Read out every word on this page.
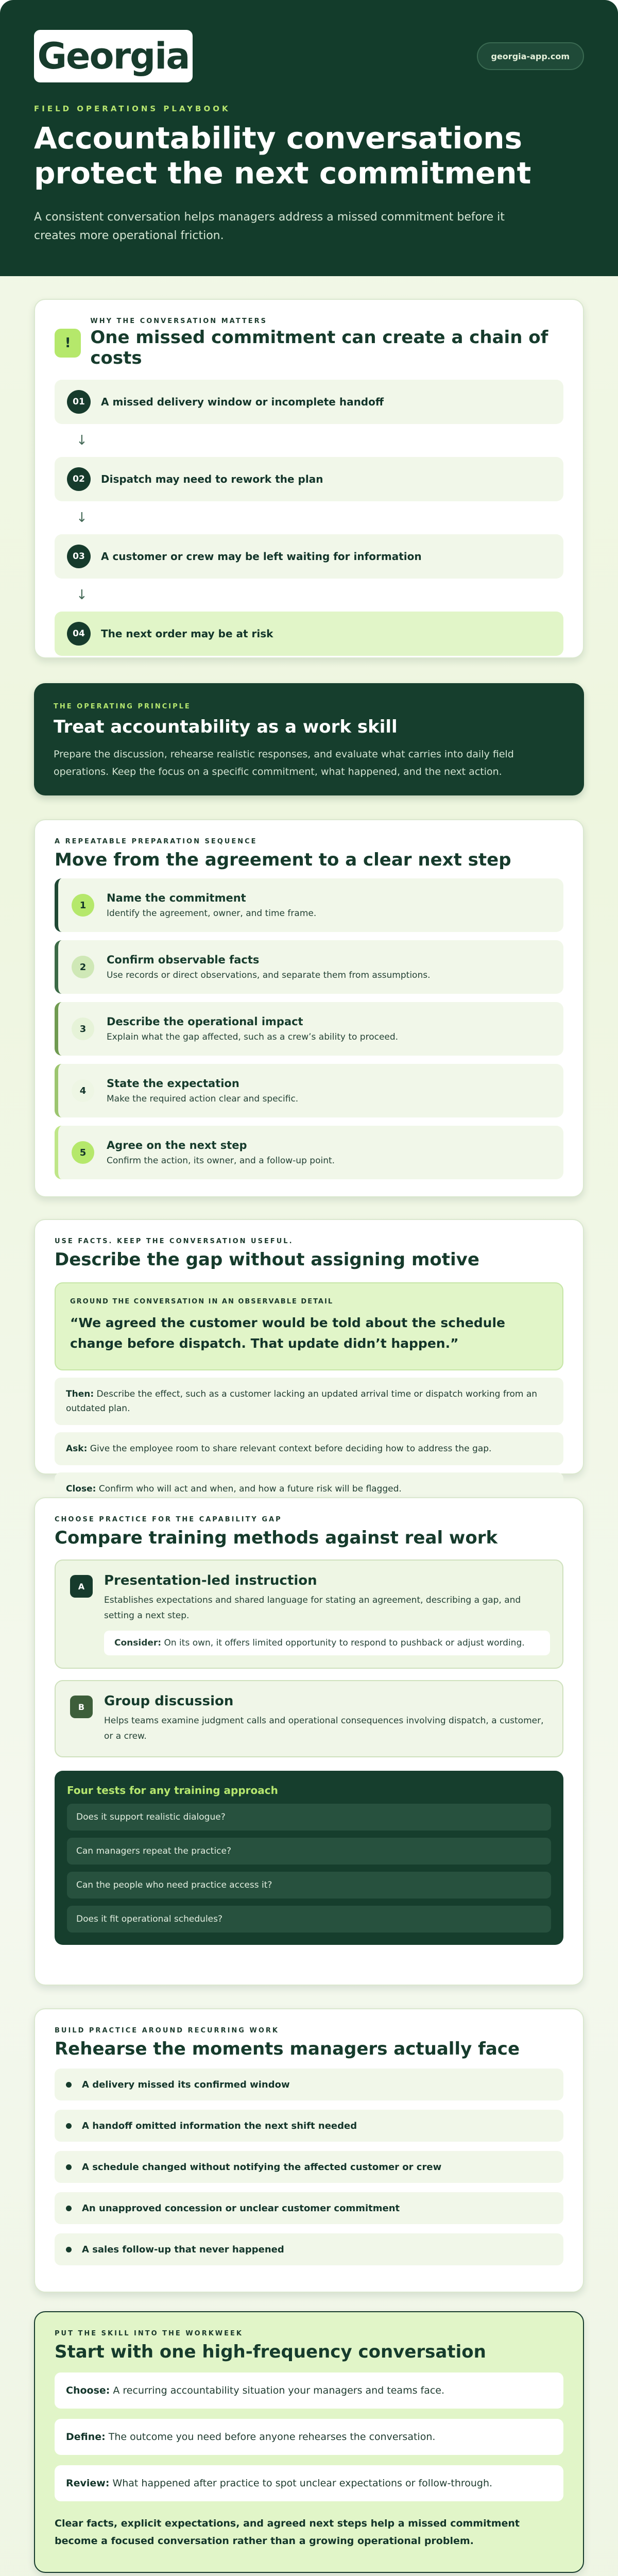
Georgia	georgia-app.com
FIELD OPERATIONS PLAYBOOK
Accountability conversations protect the next commitment

A consistent conversation helps managers address a missed commitment before it creates more operational friction.

!
WHY THE CONVERSATION MATTERS
One missed commitment can create a chain of costs
01	A missed delivery window or incomplete handoff
↓
02	Dispatch may need to rework the plan
↓
03	A customer or crew may be left waiting for information
↓
04	The next order may be at risk
THE OPERATING PRINCIPLE
Treat accountability as a work skill

Prepare the discussion, rehearse realistic responses, and evaluate what carries into daily field operations. Keep the focus on a specific commitment, what happened, and the next action.

A REPEATABLE PREPARATION SEQUENCE
Move from the agreement to a clear next step
1
Name the commitment
Identify the agreement, owner, and time frame.
2
Confirm observable facts
Use records or direct observations, and separate them from assumptions.
3
Describe the operational impact
Explain what the gap affected, such as a crew’s ability to proceed.
4
State the expectation
Make the required action clear and specific.
5
Agree on the next step
Confirm the action, its owner, and a follow-up point.
USE FACTS. KEEP THE CONVERSATION USEFUL.
Describe the gap without assigning motive
GROUND THE CONVERSATION IN AN OBSERVABLE DETAIL
“We agreed the customer would be told about the schedule change before dispatch. That update didn’t happen.”
Then: Describe the effect, such as a customer lacking an updated arrival time or dispatch working from an outdated plan.
Ask: Give the employee room to share relevant context before deciding how to address the gap.
Close: Confirm who will act and when, and how a future risk will be flagged.
CHOOSE PRACTICE FOR THE CAPABILITY GAP
Compare training methods against real work
A	Presentation-led instruction
Establishes expectations and shared language for stating an agreement, describing a gap, and setting a next step.
Consider: On its own, it offers limited opportunity to respond to pushback or adjust wording.
B	Group discussion
Helps teams examine judgment calls and operational consequences involving dispatch, a customer, or a crew.
Four tests for any training approach
Does it support realistic dialogue?
Can managers repeat the practice?
Can the people who need practice access it?
Does it fit operational schedules?
BUILD PRACTICE AROUND RECURRING WORK
Rehearse the moments managers actually face
A delivery missed its confirmed window
A handoff omitted information the next shift needed
A schedule changed without notifying the affected customer or crew
An unapproved concession or unclear customer commitment
A sales follow-up that never happened
PUT THE SKILL INTO THE WORKWEEK
Start with one high-frequency conversation
Choose: A recurring accountability situation your managers and teams face.
Define: The outcome you need before anyone rehearses the conversation.
Review: What happened after practice to spot unclear expectations or follow-through.

Clear facts, explicit expectations, and agreed next steps help a missed commitment become a focused conversation rather than a growing operational problem.
